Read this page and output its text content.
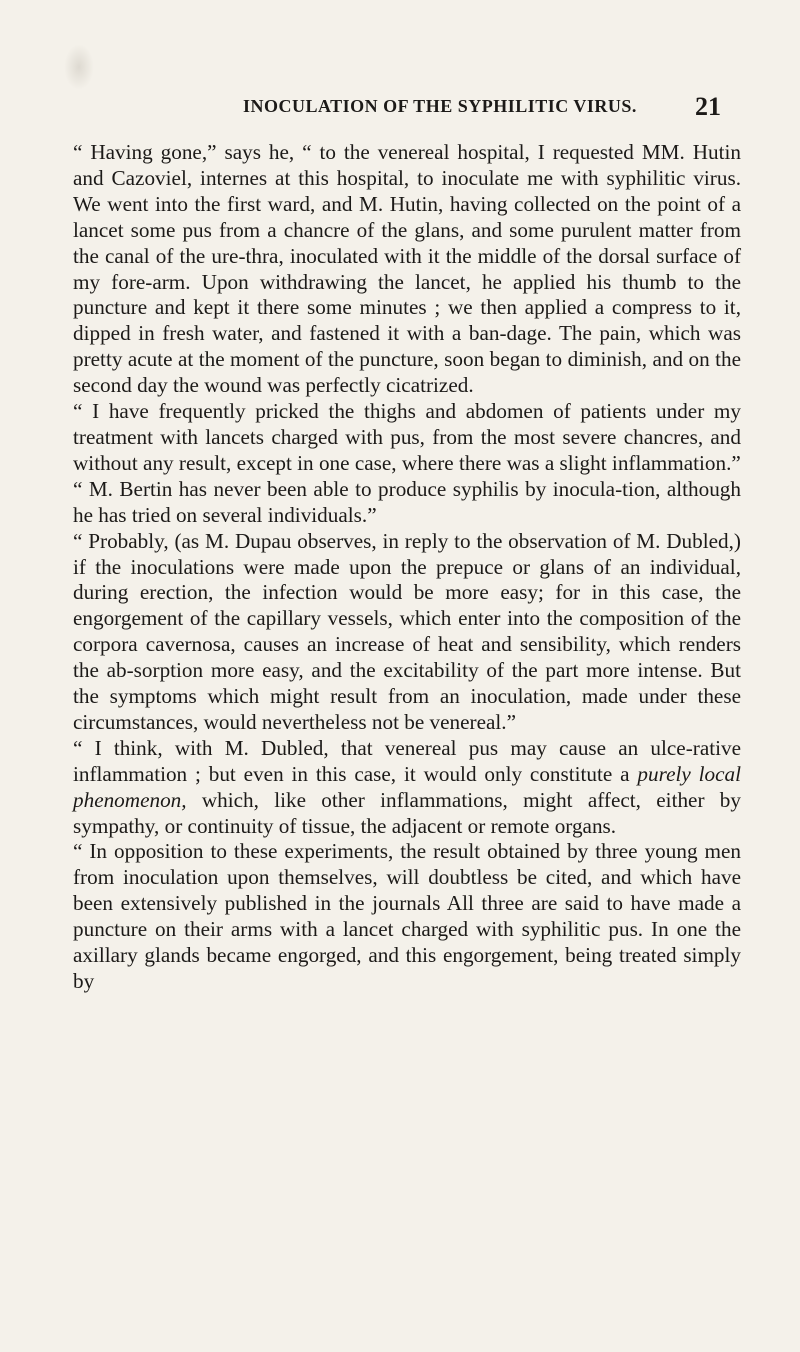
INOCULATION OF THE SYPHILITIC VIRUS. 21

“ Having gone,” says he, “ to the venereal hospital, I requested MM. Hutin and Cazoviel, internes at this hospital, to inoculate me with syphilitic virus. We went into the first ward, and M. Hutin, having collected on the point of a lancet some pus from a chancre of the glans, and some purulent matter from the canal of the ure-thra, inoculated with it the middle of the dorsal surface of my fore-arm. Upon withdrawing the lancet, he applied his thumb to the puncture and kept it there some minutes ; we then applied a compress to it, dipped in fresh water, and fastened it with a ban-dage. The pain, which was pretty acute at the moment of the puncture, soon began to diminish, and on the second day the wound was perfectly cicatrized.

“ I have frequently pricked the thighs and abdomen of patients under my treatment with lancets charged with pus, from the most severe chancres, and without any result, except in one case, where there was a slight inflammation.”

“ M. Bertin has never been able to produce syphilis by inocula-tion, although he has tried on several individuals.”

“ Probably, (as M. Dupau observes, in reply to the observation of M. Dubled,) if the inoculations were made upon the prepuce or glans of an individual, during erection, the infection would be more easy; for in this case, the engorgement of the capillary vessels, which enter into the composition of the corpora cavernosa, causes an increase of heat and sensibility, which renders the ab-sorption more easy, and the excitability of the part more intense. But the symptoms which might result from an inoculation, made under these circumstances, would nevertheless not be venereal.”

“ I think, with M. Dubled, that venereal pus may cause an ulce-rative inflammation ; but even in this case, it would only constitute a purely local phenomenon, which, like other inflammations, might affect, either by sympathy, or continuity of tissue, the adjacent or remote organs.

“ In opposition to these experiments, the result obtained by three young men from inoculation upon themselves, will doubtless be cited, and which have been extensively published in the journals All three are said to have made a puncture on their arms with a lancet charged with syphilitic pus. In one the axillary glands became engorged, and this engorgement, being treated simply by
